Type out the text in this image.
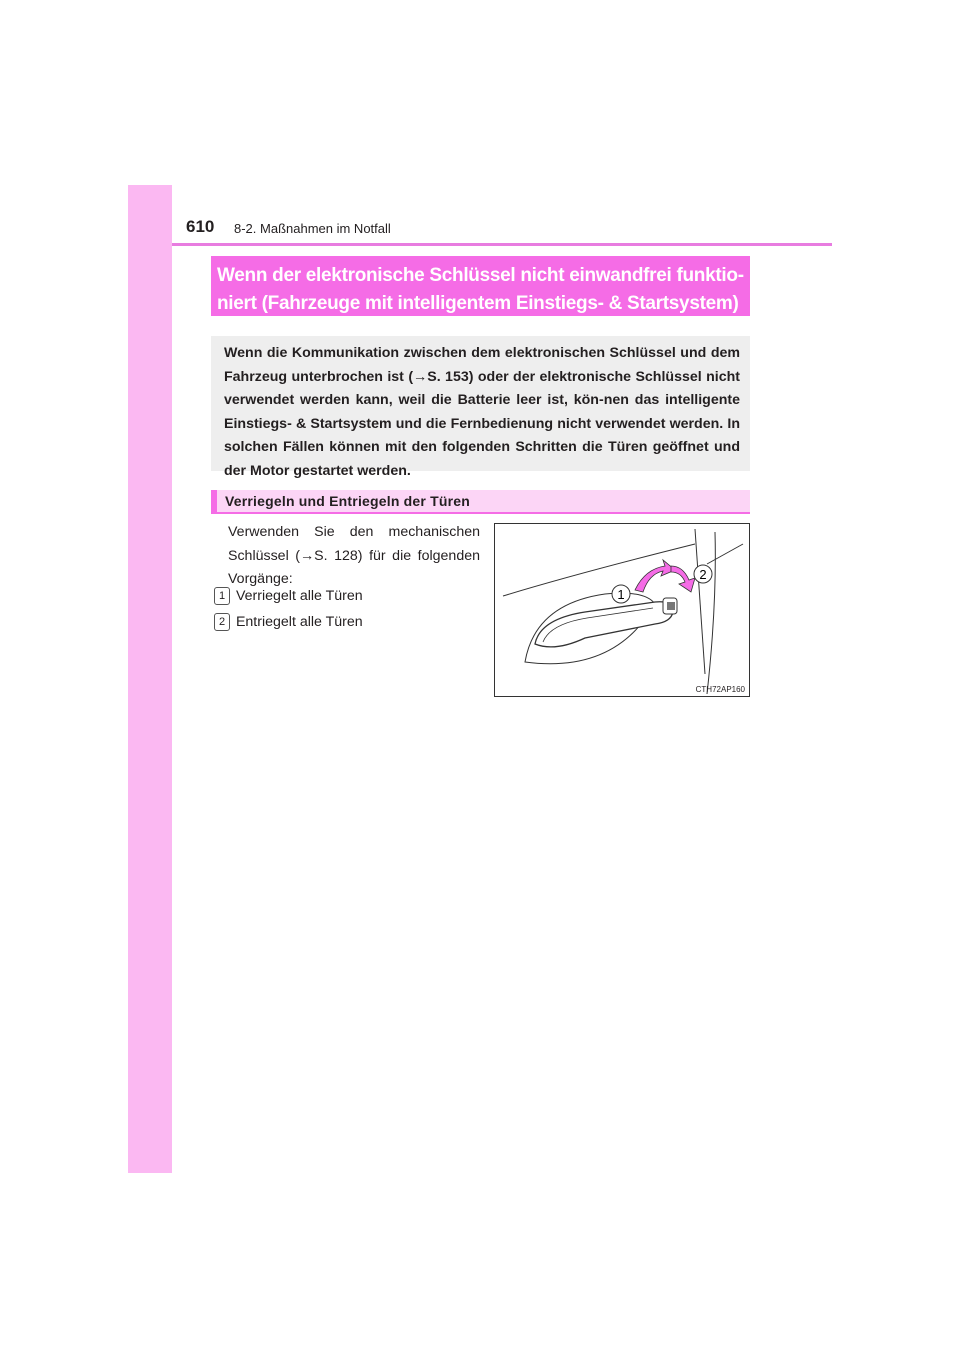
610 8-2. Maßnahmen im Notfall
Wenn der elektronische Schlüssel nicht einwandfrei funktio-
niert (Fahrzeuge mit intelligentem Einstiegs- & Startsystem)
Wenn die Kommunikation zwischen dem elektronischen Schlüssel und dem Fahrzeug unterbrochen ist (→S. 153) oder der elektronische Schlüssel nicht verwendet werden kann, weil die Batterie leer ist, kön-nen das intelligente Einstiegs- & Startsystem und die Fernbedienung nicht verwendet werden. In solchen Fällen können mit den folgenden Schritten die Türen geöffnet und der Motor gestartet werden.
Verriegeln und Entriegeln der Türen
Verwenden Sie den mechanischen Schlüssel (→S. 128) für die folgenden Vorgänge:
1 Verriegelt alle Türen
2 Entriegelt alle Türen
1
2
CTH72AP160
